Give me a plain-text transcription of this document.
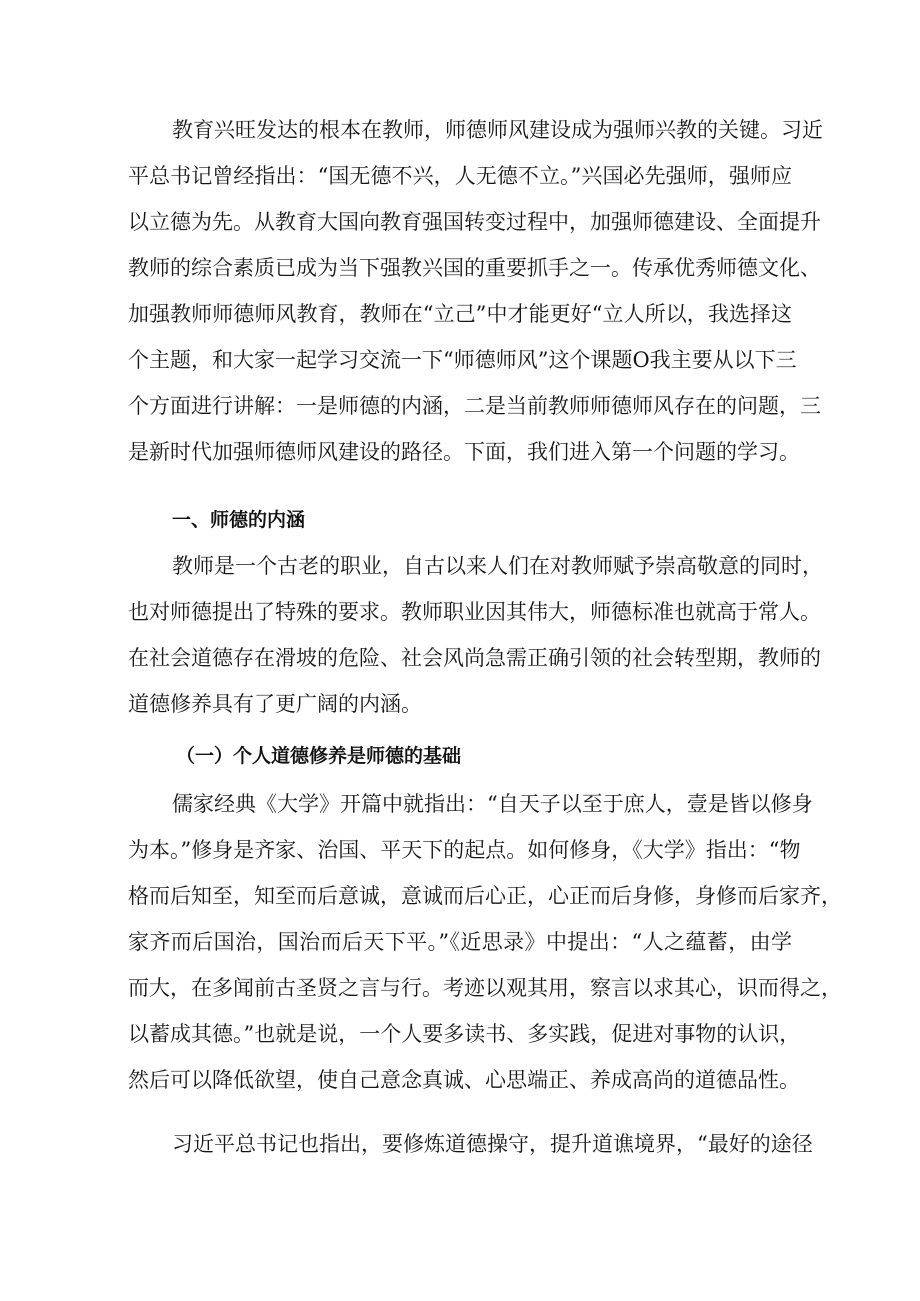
教育兴旺发达的根本在教师，师德师风建设成为强师兴教的关键。习近
平总书记曾经指出：“国无德不兴，人无德不立。”兴国必先强师，强师应
以立德为先。从教育大国向教育强国转变过程中，加强师德建设、全面提升
教师的综合素质已成为当下强教兴国的重要抓手之一。传承优秀师德文化、
加强教师师德师风教育，教师在“立己”中才能更好“立人所以，我选择这
个主题，和大家一起学习交流一下“师德师风”这个课题O我主要从以下三
个方面进行讲解：一是师德的内涵，二是当前教师师德师风存在的问题，三
是新时代加强师德师风建设的路径。下面，我们进入第一个问题的学习。
一、师德的内涵
教师是一个古老的职业，自古以来人们在对教师赋予崇高敬意的同时，
也对师德提出了特殊的要求。教师职业因其伟大，师德标准也就高于常人。
在社会道德存在滑坡的危险、社会风尚急需正确引领的社会转型期，教师的
道德修养具有了更广阔的内涵。
（一）个人道德修养是师德的基础
儒家经典《大学》开篇中就指出：“自天子以至于庶人，壹是皆以修身
为本。”修身是齐家、治国、平天下的起点。如何修身，《大学》指出：“物
格而后知至，知至而后意诚，意诚而后心正，心正而后身修，身修而后家齐，
家齐而后国治，国治而后天下平。”《近思录》中提出：“人之蕴蓄，由学
而大，在多闻前古圣贤之言与行。考迹以观其用，察言以求其心，识而得之，
以蓄成其德。”也就是说，一个人要多读书、多实践，促进对事物的认识，
然后可以降低欲望，使自己意念真诚、心思端正、养成高尚的道德品性。
习近平总书记也指出，要修炼道德操守，提升道谯境界，“最好的途径
